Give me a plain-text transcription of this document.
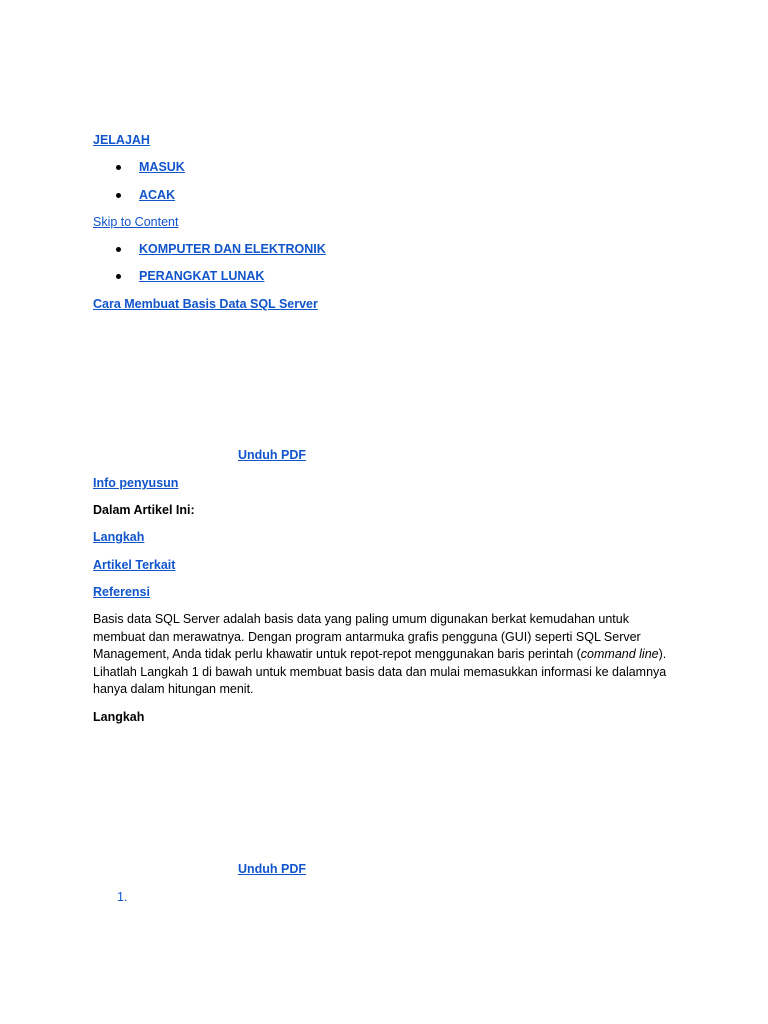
JELAJAH
MASUK
ACAK
Skip to Content
KOMPUTER DAN ELEKTRONIK
PERANGKAT LUNAK
Cara Membuat Basis Data SQL Server
Unduh PDF
Info penyusun

Dalam Artikel Ini:

Langkah
Artikel Terkait
Referensi

Basis data SQL Server adalah basis data yang paling umum digunakan berkat kemudahan untuk membuat dan merawatnya. Dengan program antarmuka grafis pengguna (GUI) seperti SQL Server Management, Anda tidak perlu khawatir untuk repot-repot menggunakan baris perintah (command line). Lihatlah Langkah 1 di bawah untuk membuat basis data dan mulai memasukkan informasi ke dalamnya hanya dalam hitungan menit.

Langkah

Unduh PDF
1.
